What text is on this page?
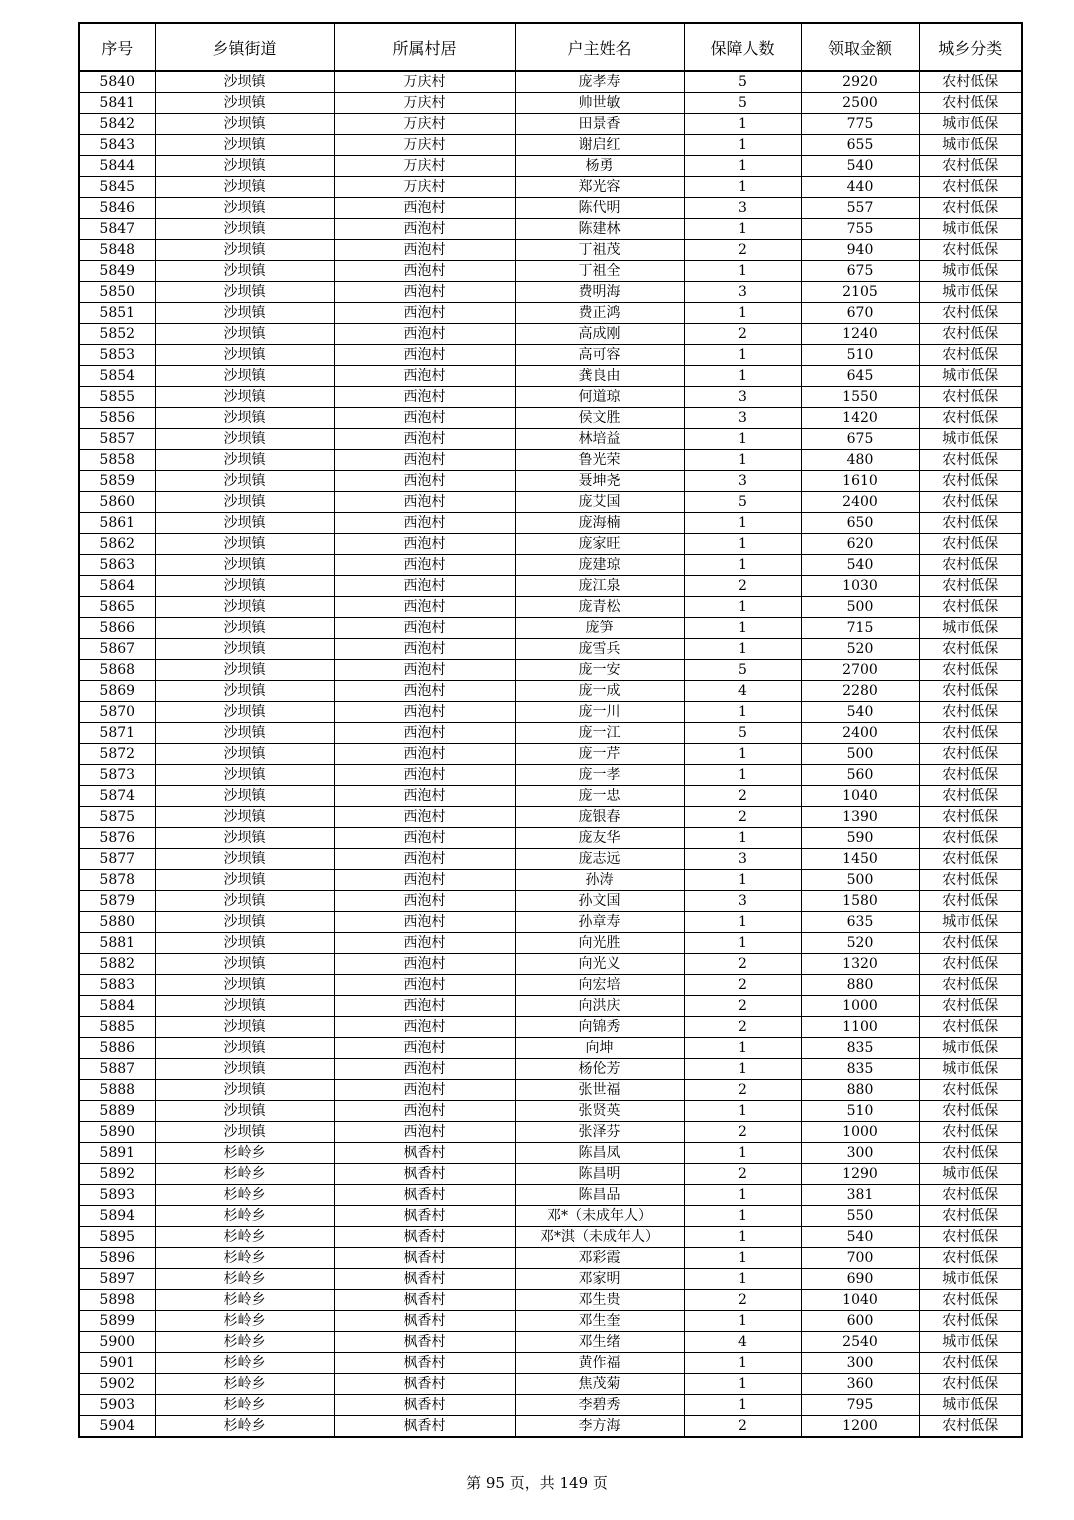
序号	乡镇街道	所属村居	户主姓名	保障人数	领取金额	城乡分类
5840	沙坝镇	万庆村	庞孝寿	5	2920	农村低保
5841	沙坝镇	万庆村	帅世敏	5	2500	农村低保
5842	沙坝镇	万庆村	田景香	1	775	城市低保
5843	沙坝镇	万庆村	谢启红	1	655	城市低保
5844	沙坝镇	万庆村	杨勇	1	540	农村低保
5845	沙坝镇	万庆村	郑光容	1	440	农村低保
5846	沙坝镇	西泡村	陈代明	3	557	农村低保
5847	沙坝镇	西泡村	陈建林	1	755	城市低保
5848	沙坝镇	西泡村	丁祖茂	2	940	农村低保
5849	沙坝镇	西泡村	丁祖全	1	675	城市低保
5850	沙坝镇	西泡村	费明海	3	2105	城市低保
5851	沙坝镇	西泡村	费正鸿	1	670	农村低保
5852	沙坝镇	西泡村	高成刚	2	1240	农村低保
5853	沙坝镇	西泡村	高可容	1	510	农村低保
5854	沙坝镇	西泡村	龚良由	1	645	城市低保
5855	沙坝镇	西泡村	何道琼	3	1550	农村低保
5856	沙坝镇	西泡村	侯文胜	3	1420	农村低保
5857	沙坝镇	西泡村	林培益	1	675	城市低保
5858	沙坝镇	西泡村	鲁光荣	1	480	农村低保
5859	沙坝镇	西泡村	聂坤尧	3	1610	农村低保
5860	沙坝镇	西泡村	庞艾国	5	2400	农村低保
5861	沙坝镇	西泡村	庞海楠	1	650	农村低保
5862	沙坝镇	西泡村	庞家旺	1	620	农村低保
5863	沙坝镇	西泡村	庞建琼	1	540	农村低保
5864	沙坝镇	西泡村	庞江泉	2	1030	农村低保
5865	沙坝镇	西泡村	庞青松	1	500	农村低保
5866	沙坝镇	西泡村	庞笋	1	715	城市低保
5867	沙坝镇	西泡村	庞雪兵	1	520	农村低保
5868	沙坝镇	西泡村	庞一安	5	2700	农村低保
5869	沙坝镇	西泡村	庞一成	4	2280	农村低保
5870	沙坝镇	西泡村	庞一川	1	540	农村低保
5871	沙坝镇	西泡村	庞一江	5	2400	农村低保
5872	沙坝镇	西泡村	庞一芹	1	500	农村低保
5873	沙坝镇	西泡村	庞一孝	1	560	农村低保
5874	沙坝镇	西泡村	庞一忠	2	1040	农村低保
5875	沙坝镇	西泡村	庞银春	2	1390	农村低保
5876	沙坝镇	西泡村	庞友华	1	590	农村低保
5877	沙坝镇	西泡村	庞志远	3	1450	农村低保
5878	沙坝镇	西泡村	孙涛	1	500	农村低保
5879	沙坝镇	西泡村	孙文国	3	1580	农村低保
5880	沙坝镇	西泡村	孙章寿	1	635	城市低保
5881	沙坝镇	西泡村	向光胜	1	520	农村低保
5882	沙坝镇	西泡村	向光义	2	1320	农村低保
5883	沙坝镇	西泡村	向宏培	2	880	农村低保
5884	沙坝镇	西泡村	向洪庆	2	1000	农村低保
5885	沙坝镇	西泡村	向锦秀	2	1100	农村低保
5886	沙坝镇	西泡村	向坤	1	835	城市低保
5887	沙坝镇	西泡村	杨伦芳	1	835	城市低保
5888	沙坝镇	西泡村	张世福	2	880	农村低保
5889	沙坝镇	西泡村	张贤英	1	510	农村低保
5890	沙坝镇	西泡村	张泽芬	2	1000	农村低保
5891	杉岭乡	枫香村	陈昌凤	1	300	农村低保
5892	杉岭乡	枫香村	陈昌明	2	1290	城市低保
5893	杉岭乡	枫香村	陈昌品	1	381	农村低保
5894	杉岭乡	枫香村	邓*（未成年人）	1	550	农村低保
5895	杉岭乡	枫香村	邓*淇（未成年人）	1	540	农村低保
5896	杉岭乡	枫香村	邓彩霞	1	700	农村低保
5897	杉岭乡	枫香村	邓家明	1	690	城市低保
5898	杉岭乡	枫香村	邓生贵	2	1040	农村低保
5899	杉岭乡	枫香村	邓生奎	1	600	农村低保
5900	杉岭乡	枫香村	邓生绪	4	2540	城市低保
5901	杉岭乡	枫香村	黄作福	1	300	农村低保
5902	杉岭乡	枫香村	焦茂菊	1	360	农村低保
5903	杉岭乡	枫香村	李碧秀	1	795	城市低保
5904	杉岭乡	枫香村	李方海	2	1200	农村低保
第 95 页，共 149 页
